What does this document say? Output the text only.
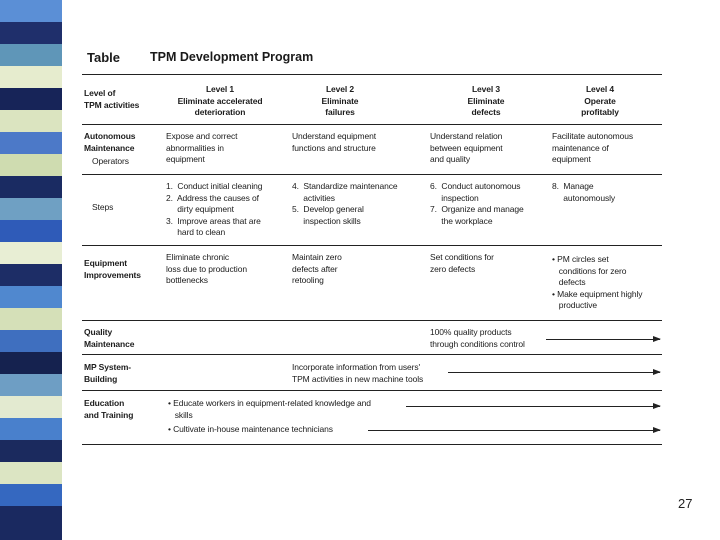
Table TPM Development Program
Level of
TPM activities
Level 1
Eliminate accelerated
deterioration
Level 2
Eliminate
failures
Level 3
Eliminate
defects
Level 4
Operate
profitably
Autonomous
Maintenance
Operators
Expose and correct
abnormalities in
equipment
Understand equipment
functions and structure
Understand relation
between equipment
and quality
Facilitate autonomous
maintenance of
equipment
Steps
1.  Conduct initial cleaning
2.  Address the causes of
dirty equipment
3.  Improve areas that are
hard to clean
4.  Standardize maintenance
activities
5.  Develop general
inspection skills
6.  Conduct autonomous
inspection
7.  Organize and manage
the workplace
8.  Manage
autonomously
Equipment
Improvements
Eliminate chronic
loss due to production
bottlenecks
Maintain zero
defects after
retooling
Set conditions for
zero defects
• PM circles set
conditions for zero
defects
• Make equipment highly
productive
Quality
Maintenance
100% quality products
through conditions control
MP System-
Building
Incorporate information from users'
TPM activities in new machine tools
Education
and Training
• Educate workers in equipment-related knowledge and
skills
• Cultivate in-house maintenance technicians
27
